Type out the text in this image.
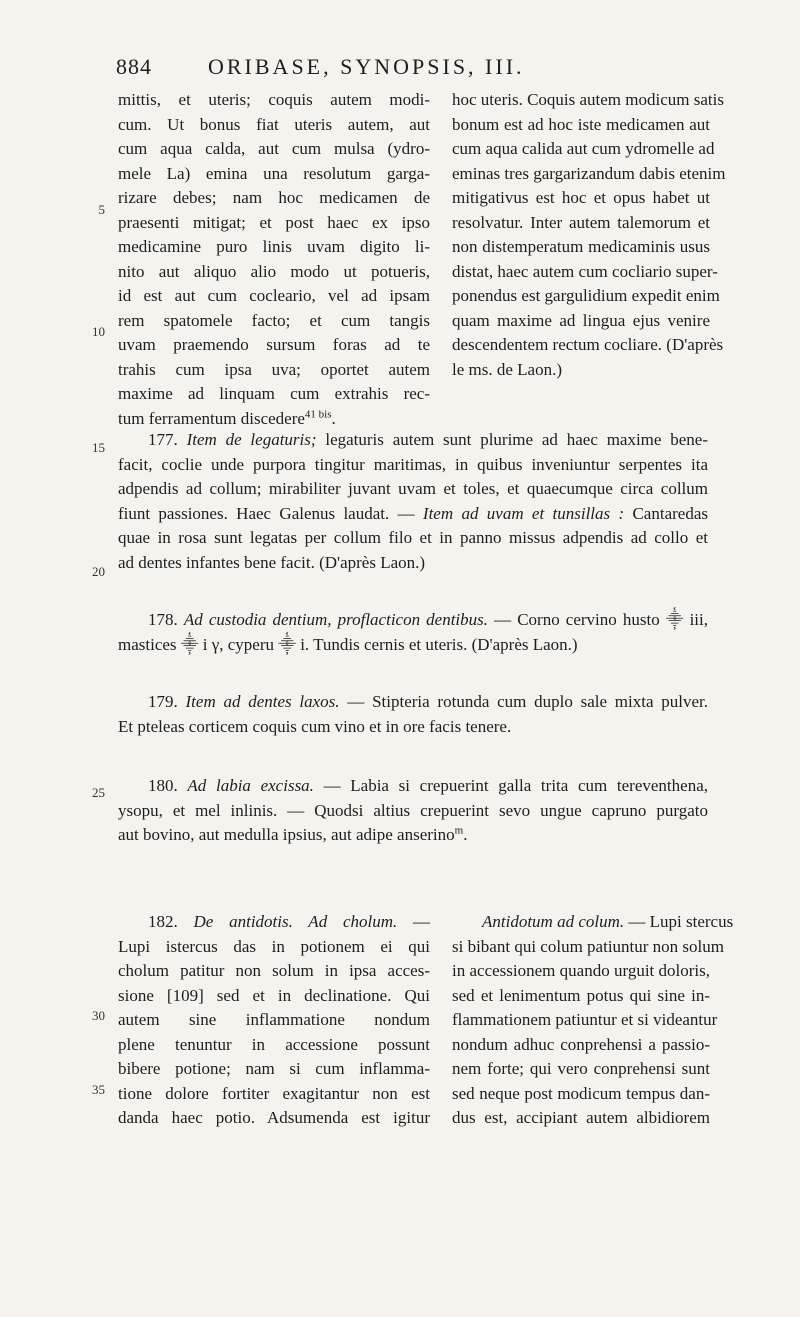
884	ORIBASE, SYNOPSIS, III.
5
10
15
20
25
30
35
mittis, et uteris; coquis autem modi-
cum. Ut bonus fiat uteris autem, aut
cum aqua calda, aut cum mulsa (ydro-
mele La) emina una resolutum garga-
rizare debes; nam hoc medicamen de
praesenti mitigat; et post haec ex ipso
medicamine puro linis uvam digito li-
nito aut aliquo alio modo ut potueris,
id est aut cum cocleario, vel ad ipsam
rem spatomele facto; et cum tangis
uvam praemendo sursum foras ad te
trahis cum ipsa uva; oportet autem
maxime ad linquam cum extrahis rec-
tum ferramentum discedere$^{41 bis}$.
hoc uteris. Coquis autem modicum satis
bonum est ad hoc iste medicamen aut
cum aqua calida aut cum ydromelle ad
eminas tres gargarizandum dabis etenim
mitigativus est hoc et opus habet ut
resolvatur. Inter autem talemorum et
non distemperatum medicaminis usus
distat, haec autem cum cocliario super-
ponendus est gargulidium expedit enim
quam maxime ad lingua ejus venire
descendentem rectum cocliare. (D'après
le ms. de Laon.)
177. Item de legaturis; legaturis autem sunt plurime ad haec maxime bene-
facit, coclie unde purpora tingitur maritimas, in quibus inveniuntur serpentes ita
adpendis ad collum; mirabiliter juvant uvam et toles, et quaecumque circa collum
fiunt passiones. Haec Galenus laudat. — Item ad uvam et tunsillas : Cantaredas
quae in rosa sunt legatas per collum filo et in panno missus adpendis ad collo et
ad dentes infantes bene facit. (D'après Laon.)
178. Ad custodia dentium, proflacticon dentibus. — Corno cervino husto ⸎ iii,
mastices ⸎ i γ, cyperu ⸎ i. Tundis cernis et uteris. (D'après Laon.)
179. Item ad dentes laxos. — Stipteria rotunda cum duplo sale mixta pulver.
Et pteleas corticem coquis cum vino et in ore facis tenere.
180. Ad labia excissa. — Labia si crepuerint galla trita cum tereventhena,
ysopu, et mel inlinis. — Quodsi altius crepuerint sevo ungue capruno purgato
aut bovino, aut medulla ipsius, aut adipe anserino$^m$.
182. De antidotis. Ad cholum. —
Lupi istercus das in potionem ei qui
cholum patitur non solum in ipsa acces-
sione [109] sed et in declinatione. Qui
autem sine inflammatione nondum
plene tenuntur in accessione possunt
bibere potione; nam si cum inflamma-
tione dolore fortiter exagitantur non est
danda haec potio. Adsumenda est igitur
Antidotum ad colum. — Lupi stercus
si bibant qui colum patiuntur non solum
in accessionem quando urguit doloris,
sed et lenimentum potus qui sine in-
flammationem patiuntur et si videantur
nondum adhuc conprehensi a passio-
nem forte; qui vero conprehensi sunt
sed neque post modicum tempus dan-
dus est, accipiant autem albidiorem
